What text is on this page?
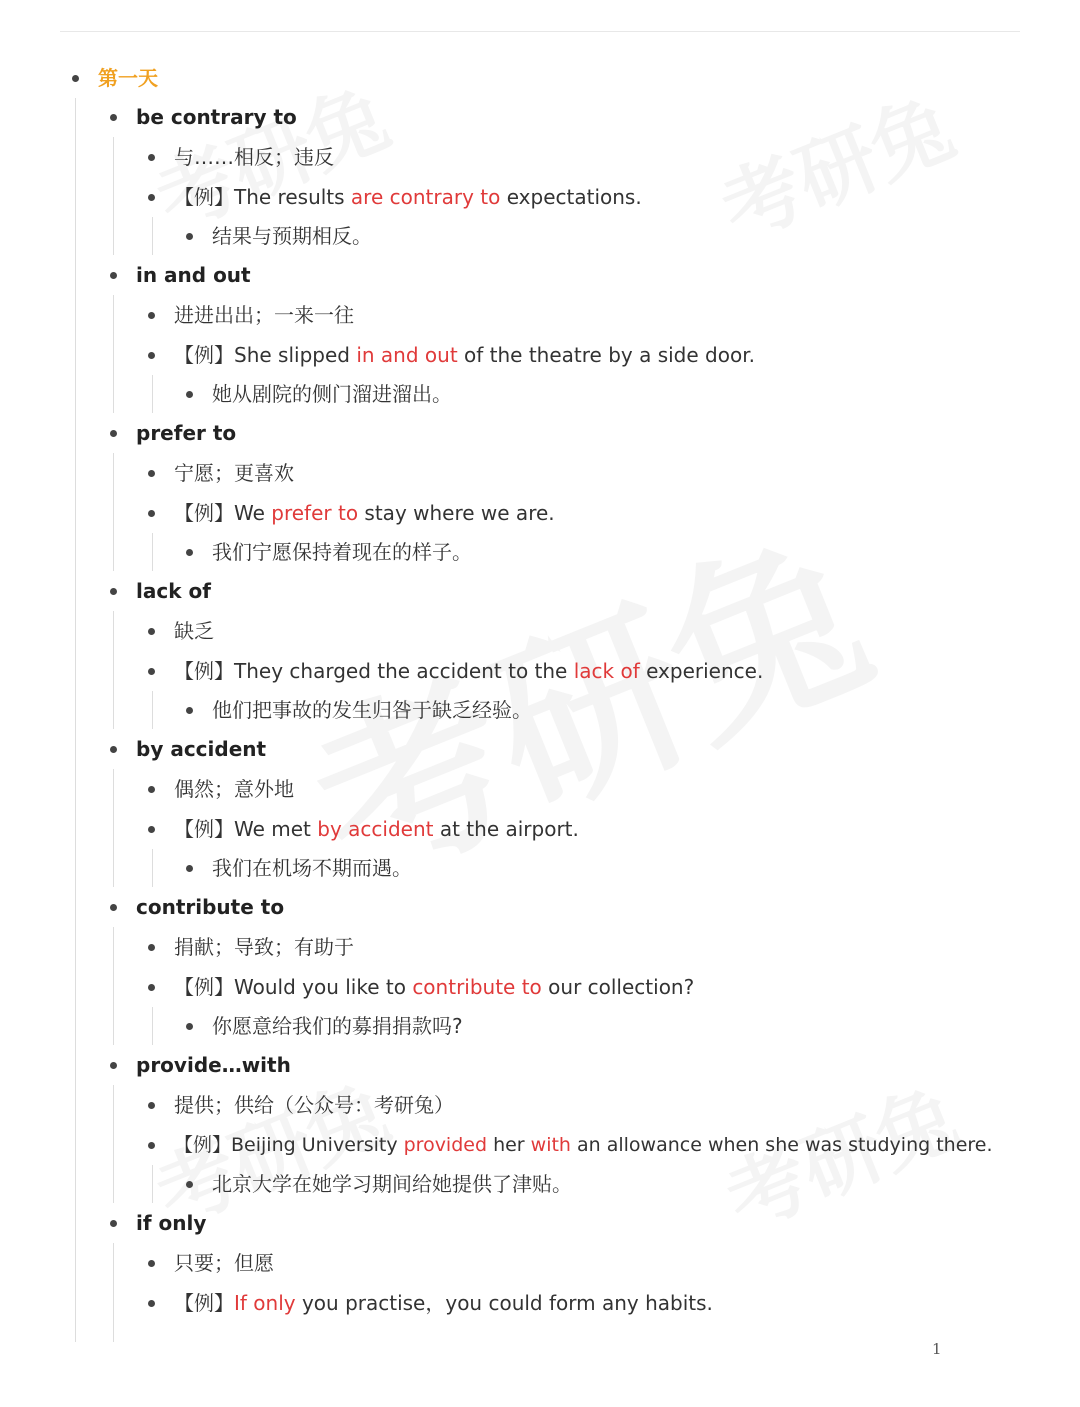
第一天
be contrary to
与……相反；违反
【例】The results are contrary to expectations.
结果与预期相反。
in and out
进进出出；一来一往
【例】She slipped in and out of the theatre by a side door.
她从剧院的侧门溜进溜出。
prefer to
宁愿；更喜欢
【例】We prefer to stay where we are.
我们宁愿保持着现在的样子。
lack of
缺乏
【例】They charged the accident to the lack of experience.
他们把事故的发生归咎于缺乏经验。
by accident
偶然；意外地
【例】We met by accident at the airport.
我们在机场不期而遇。
contribute to
捐献；导致；有助于
【例】Would you like to contribute to our collection?
你愿意给我们的募捐捐款吗?
provide…with
提供；供给（公众号：考研兔）
【例】Beijing University provided her with an allowance when she was studying there.
北京大学在她学习期间给她提供了津贴。
if only
只要；但愿
【例】If only you practise，you could form any habits.
1
